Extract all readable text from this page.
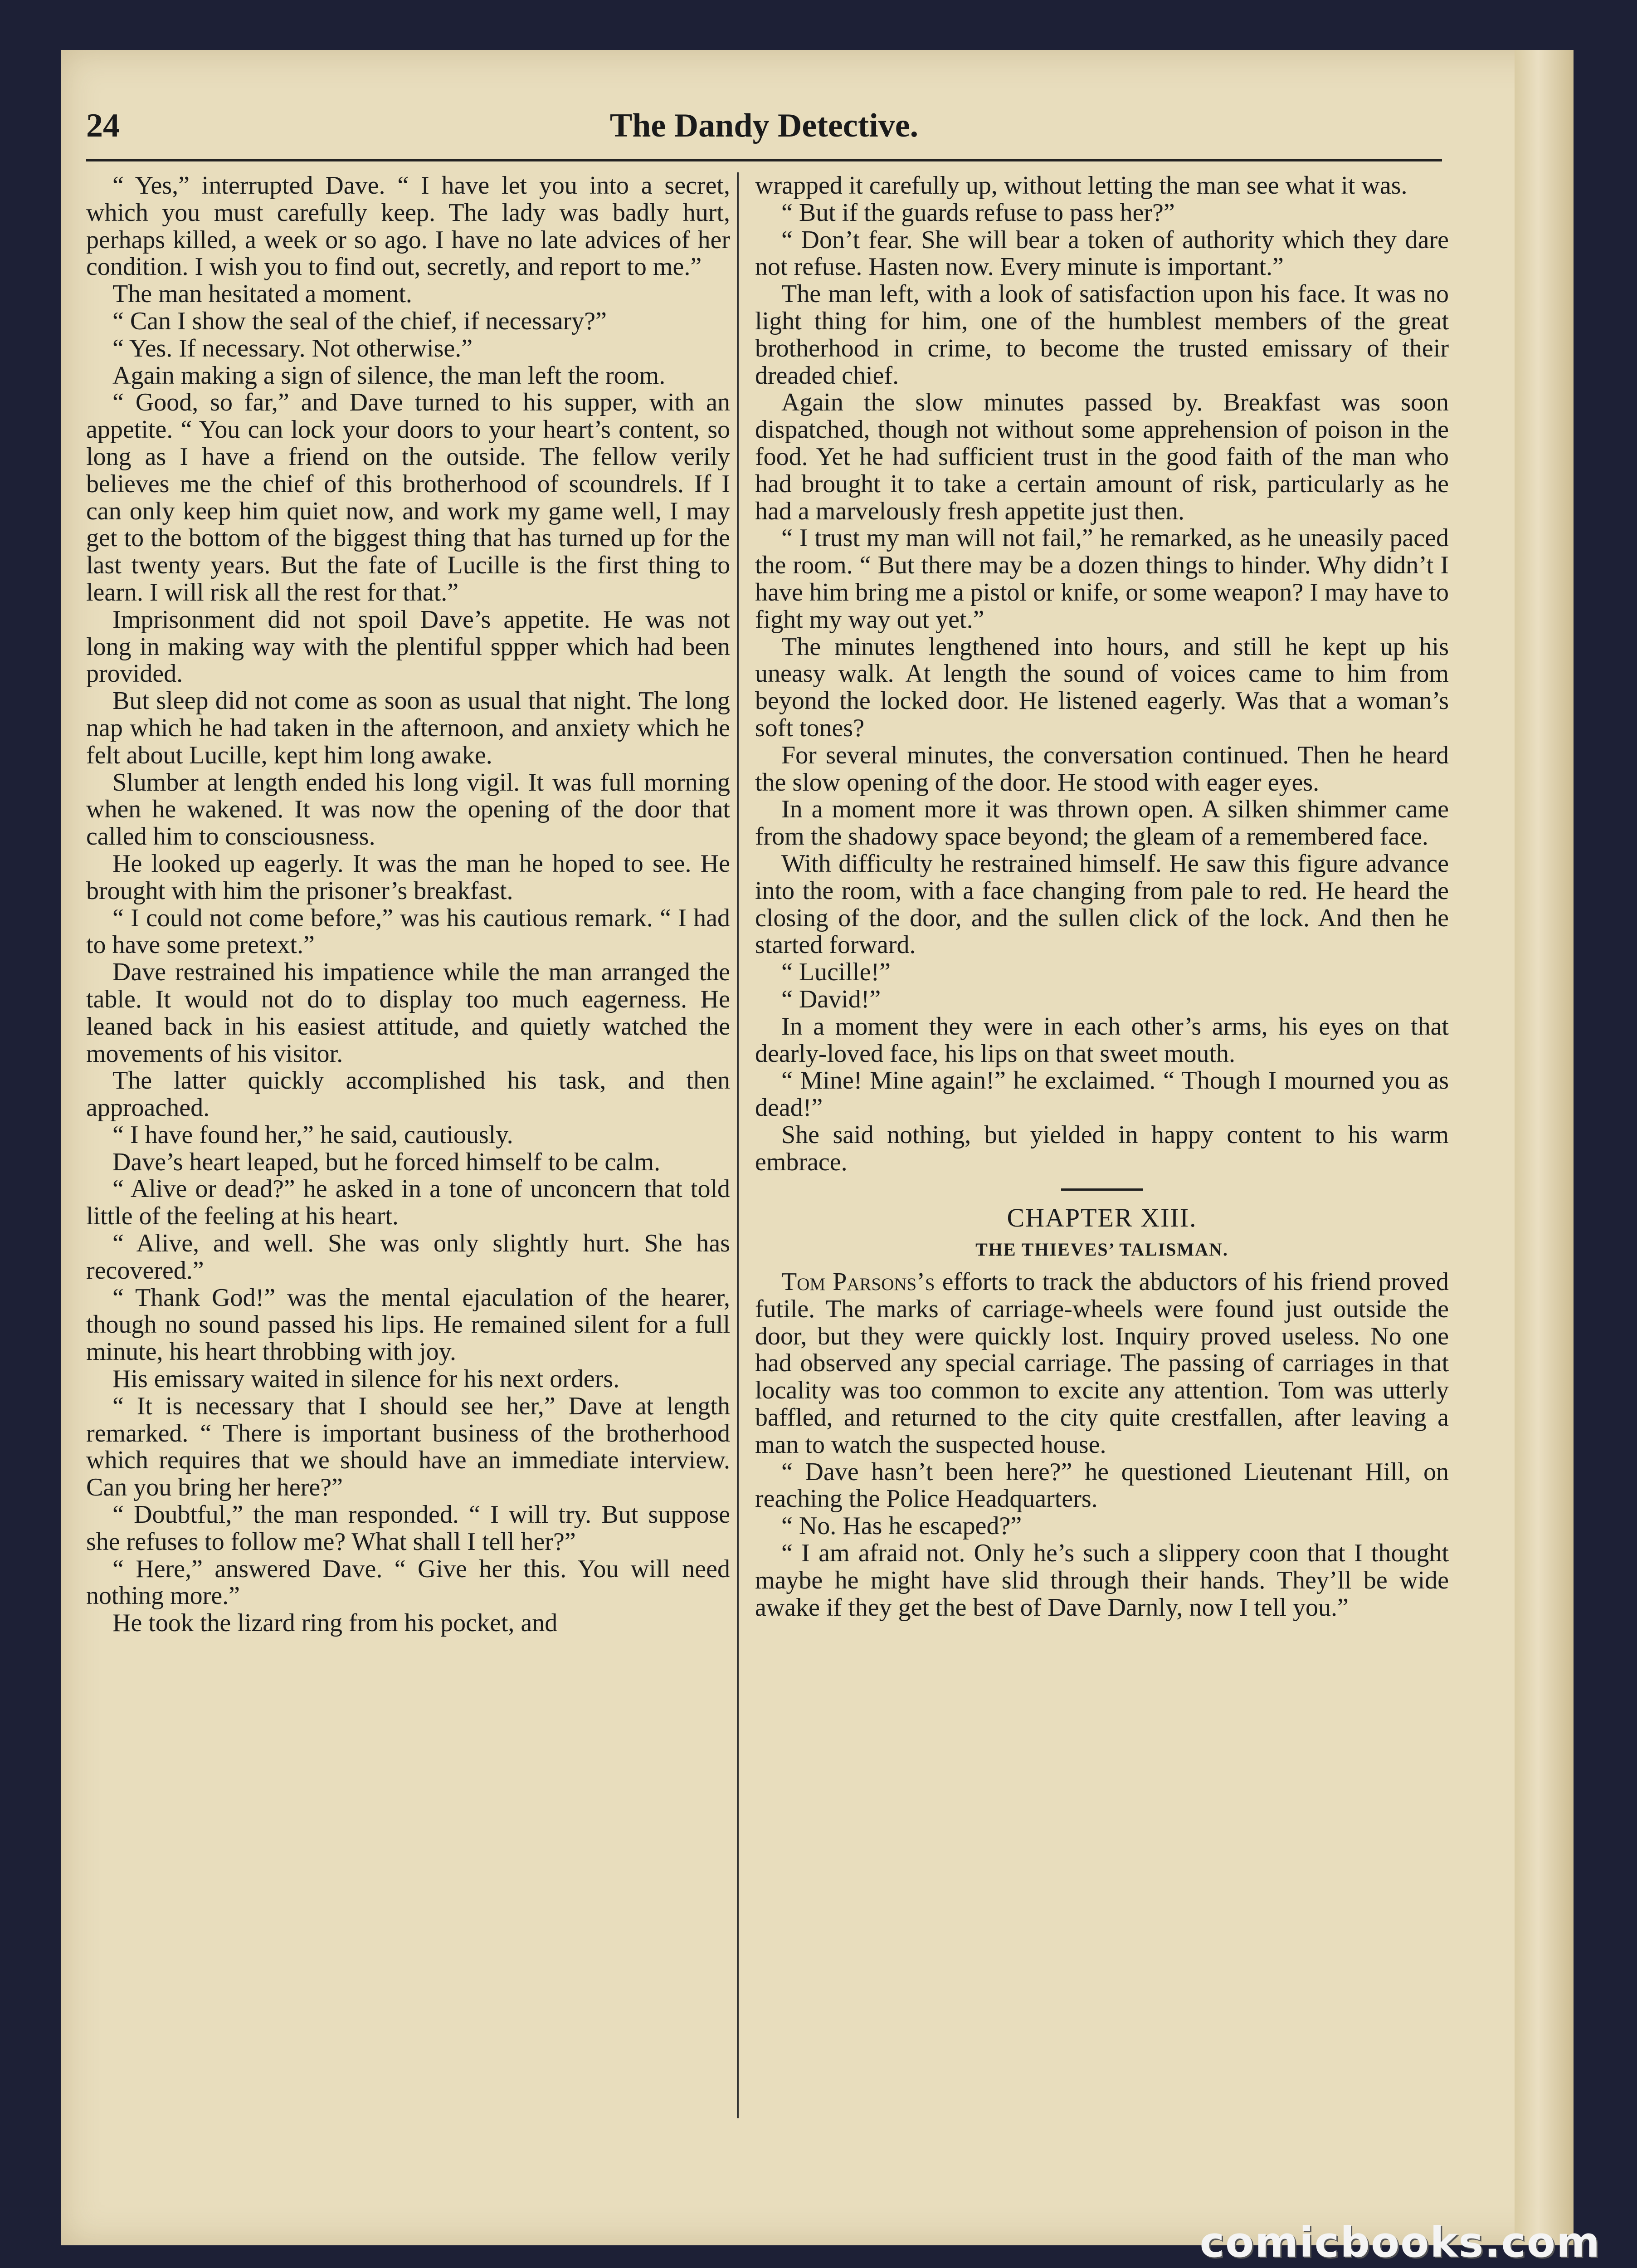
24	The Dandy Detective.

“ Yes,” interrupted Dave. “ I have let you into a secret, which you must carefully keep. The lady was badly hurt, perhaps killed, a week or so ago. I have no late advices of her condition. I wish you to find out, secretly, and report to me.”

The man hesitated a moment.

“ Can I show the seal of the chief, if necessary?”

“ Yes. If necessary. Not otherwise.”

Again making a sign of silence, the man left the room.

“ Good, so far,” and Dave turned to his supper, with an appetite. “ You can lock your doors to your heart’s content, so long as I have a friend on the outside. The fellow verily believes me the chief of this brotherhood of scoundrels. If I can only keep him quiet now, and work my game well, I may get to the bottom of the biggest thing that has turned up for the last twenty years. But the fate of Lucille is the first thing to learn. I will risk all the rest for that.”

Imprisonment did not spoil Dave’s appetite. He was not long in making way with the plentiful sppper which had been provided.

But sleep did not come as soon as usual that night. The long nap which he had taken in the afternoon, and anxiety which he felt about Lucille, kept him long awake.

Slumber at length ended his long vigil. It was full morning when he wakened. It was now the opening of the door that called him to consciousness.

He looked up eagerly. It was the man he hoped to see. He brought with him the prisoner’s breakfast.

“ I could not come before,” was his cautious remark. “ I had to have some pretext.”

Dave restrained his impatience while the man arranged the table. It would not do to display too much eagerness. He leaned back in his easiest attitude, and quietly watched the movements of his visitor.

The latter quickly accomplished his task, and then approached.

“ I have found her,” he said, cautiously.

Dave’s heart leaped, but he forced himself to be calm.

“ Alive or dead?” he asked in a tone of unconcern that told little of the feeling at his heart.

“ Alive, and well. She was only slightly hurt. She has recovered.”

“ Thank God!” was the mental ejaculation of the hearer, though no sound passed his lips. He remained silent for a full minute, his heart throbbing with joy.

His emissary waited in silence for his next orders.

“ It is necessary that I should see her,” Dave at length remarked. “ There is important business of the brotherhood which requires that we should have an immediate interview. Can you bring her here?”

“ Doubtful,” the man responded. “ I will try. But suppose she refuses to follow me? What shall I tell her?”

“ Here,” answered Dave. “ Give her this. You will need nothing more.”

He took the lizard ring from his pocket, and

wrapped it carefully up, without letting the man see what it was.

“ But if the guards refuse to pass her?”

“ Don’t fear. She will bear a token of authority which they dare not refuse. Hasten now. Every minute is important.”

The man left, with a look of satisfaction upon his face. It was no light thing for him, one of the humblest members of the great brotherhood in crime, to become the trusted emissary of their dreaded chief.

Again the slow minutes passed by. Breakfast was soon dispatched, though not without some apprehension of poison in the food. Yet he had sufficient trust in the good faith of the man who had brought it to take a certain amount of risk, particularly as he had a marvelously fresh appetite just then.

“ I trust my man will not fail,” he remarked, as he uneasily paced the room. “ But there may be a dozen things to hinder. Why didn’t I have him bring me a pistol or knife, or some weapon? I may have to fight my way out yet.”

The minutes lengthened into hours, and still he kept up his uneasy walk. At length the sound of voices came to him from beyond the locked door. He listened eagerly. Was that a woman’s soft tones?

For several minutes, the conversation continued. Then he heard the slow opening of the door. He stood with eager eyes.

In a moment more it was thrown open. A silken shimmer came from the shadowy space beyond; the gleam of a remembered face.

With difficulty he restrained himself. He saw this figure advance into the room, with a face changing from pale to red. He heard the closing of the door, and the sullen click of the lock. And then he started forward.

“ Lucille!”

“ David!”

In a moment they were in each other’s arms, his eyes on that dearly-loved face, his lips on that sweet mouth.

“ Mine! Mine again!” he exclaimed. “ Though I mourned you as dead!”

She said nothing, but yielded in happy content to his warm embrace.

CHAPTER XIII.
THE THIEVES’ TALISMAN.

Tom Parsons’s efforts to track the abductors of his friend proved futile. The marks of carriage-wheels were found just outside the door, but they were quickly lost. Inquiry proved useless. No one had observed any special carriage. The passing of carriages in that locality was too common to excite any attention. Tom was utterly baffled, and returned to the city quite crestfallen, after leaving a man to watch the suspected house.

“ Dave hasn’t been here?” he questioned Lieutenant Hill, on reaching the Police Headquarters.

“ No. Has he escaped?”

“ I am afraid not. Only he’s such a slippery coon that I thought maybe he might have slid through their hands. They’ll be wide awake if they get the best of Dave Darnly, now I tell you.”

comicbooks.com
